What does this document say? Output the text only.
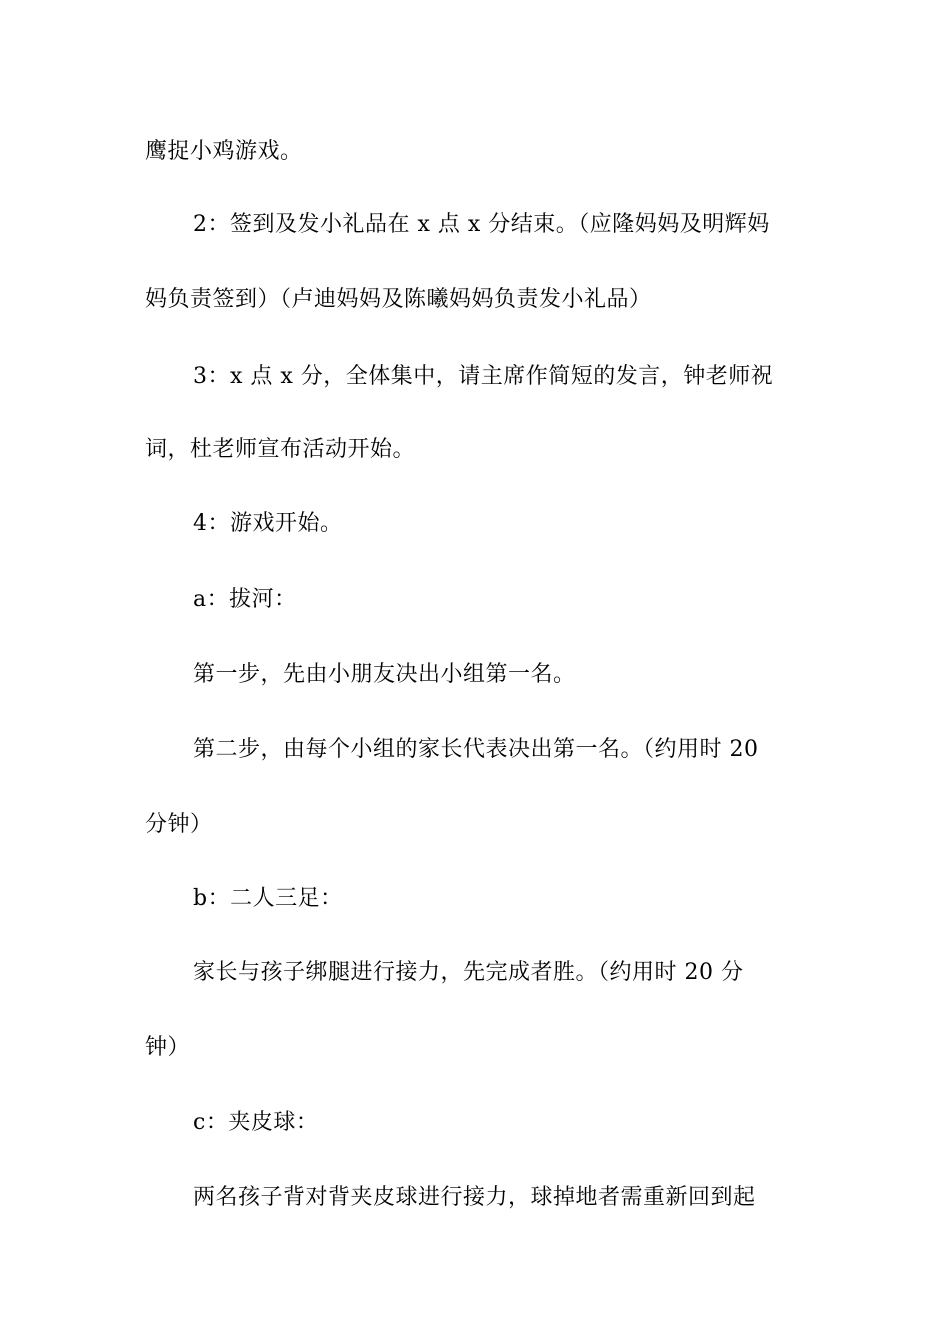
鹰捉小鸡游戏。
2：签到及发小礼品在 x 点 x 分结束。（应隆妈妈及明辉妈
妈负责签到）（卢迪妈妈及陈曦妈妈负责发小礼品）
3：x 点 x 分，全体集中，请主席作简短的发言，钟老师祝
词，杜老师宣布活动开始。
4：游戏开始。
a：拔河：
第一步，先由小朋友决出小组第一名。
第二步，由每个小组的家长代表决出第一名。（约用时 20
分钟）
b：二人三足：
家长与孩子绑腿进行接力，先完成者胜。（约用时 20 分
钟）
c：夹皮球：
两名孩子背对背夹皮球进行接力，球掉地者需重新回到起
